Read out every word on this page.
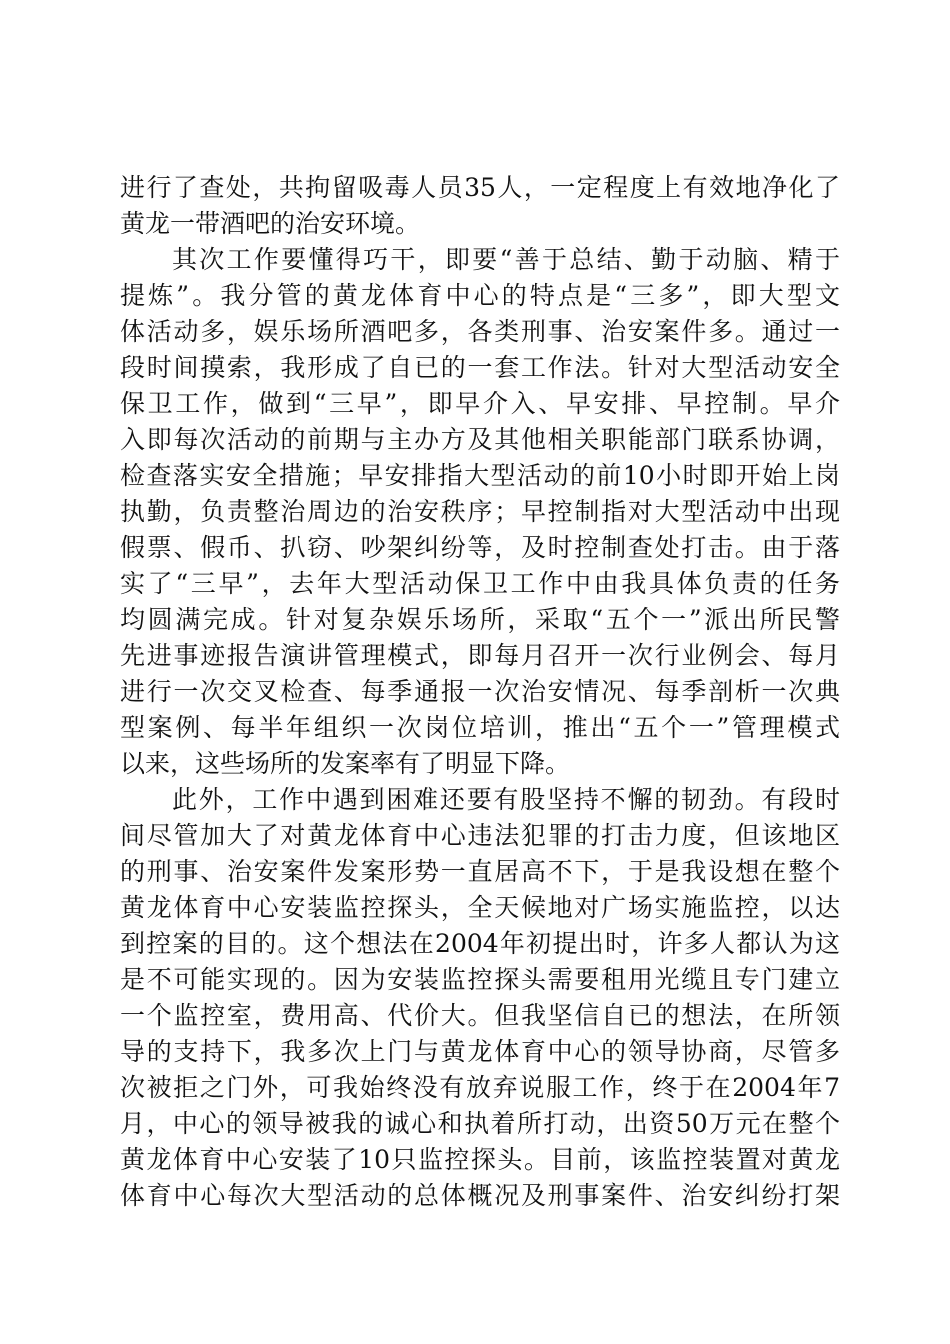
进行了查处，共拘留吸毒人员35人，一定程度上有效地净化了
黄龙一带酒吧的治安环境。
其次工作要懂得巧干，即要“善于总结、勤于动脑、精于
提炼”。我分管的黄龙体育中心的特点是“三多”，即大型文
体活动多，娱乐场所酒吧多，各类刑事、治安案件多。通过一
段时间摸索，我形成了自已的一套工作法。针对大型活动安全
保卫工作，做到“三早”，即早介入、早安排、早控制。早介
入即每次活动的前期与主办方及其他相关职能部门联系协调，
检查落实安全措施；早安排指大型活动的前10小时即开始上岗
执勤，负责整治周边的治安秩序；早控制指对大型活动中出现
假票、假币、扒窃、吵架纠纷等，及时控制查处打击。由于落
实了“三早”，去年大型活动保卫工作中由我具体负责的任务
均圆满完成。针对复杂娱乐场所，采取“五个一”派出所民警
先进事迹报告演讲管理模式，即每月召开一次行业例会、每月
进行一次交叉检查、每季通报一次治安情况、每季剖析一次典
型案例、每半年组织一次岗位培训，推出“五个一”管理模式
以来，这些场所的发案率有了明显下降。
此外，工作中遇到困难还要有股坚持不懈的韧劲。有段时
间尽管加大了对黄龙体育中心违法犯罪的打击力度，但该地区
的刑事、治安案件发案形势一直居高不下，于是我设想在整个
黄龙体育中心安装监控探头，全天候地对广场实施监控，以达
到控案的目的。这个想法在2004年初提出时，许多人都认为这
是不可能实现的。因为安装监控探头需要租用光缆且专门建立
一个监控室，费用高、代价大。但我坚信自已的想法，在所领
导的支持下，我多次上门与黄龙体育中心的领导协商，尽管多
次被拒之门外，可我始终没有放弃说服工作，终于在2004年7
月，中心的领导被我的诚心和执着所打动，出资50万元在整个
黄龙体育中心安装了10只监控探头。目前，该监控装置对黄龙
体育中心每次大型活动的总体概况及刑事案件、治安纠纷打架
